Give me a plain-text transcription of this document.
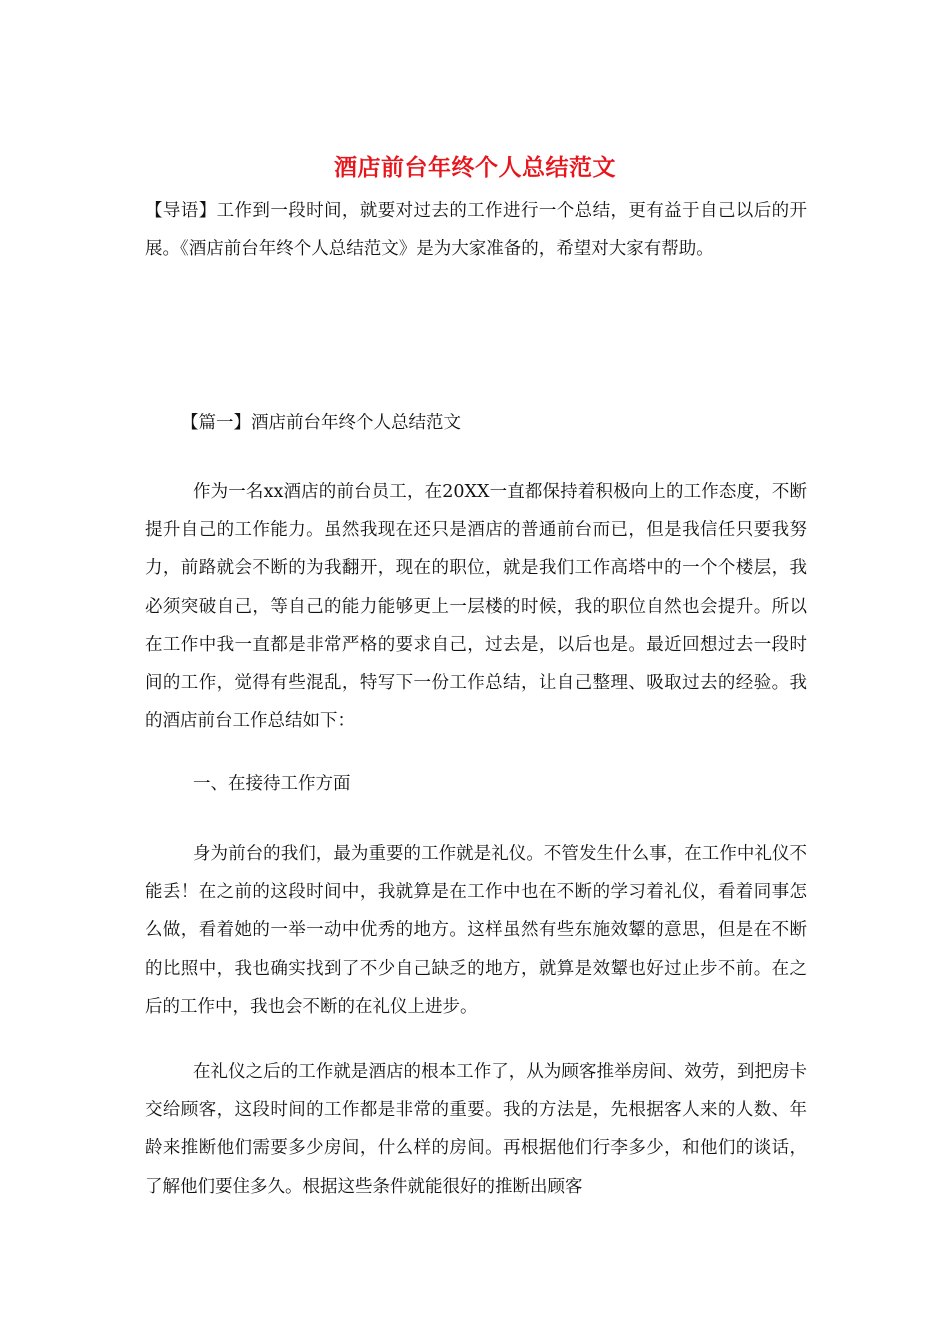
酒店前台年终个人总结范文

【导语】工作到一段时间，就要对过去的工作进行一个总结，更有益于自己以后的开展。《酒店前台年终个人总结范文》是为大家准备的，希望对大家有帮助。

【篇一】酒店前台年终个人总结范文

作为一名xx酒店的前台员工，在20XX一直都保持着积极向上的工作态度，不断提升自己的工作能力。虽然我现在还只是酒店的普通前台而已，但是我信任只要我努力，前路就会不断的为我翻开，现在的职位，就是我们工作高塔中的一个个楼层，我必须突破自己，等自己的能力能够更上一层楼的时候，我的职位自然也会提升。所以在工作中我一直都是非常严格的要求自己，过去是，以后也是。最近回想过去一段时间的工作，觉得有些混乱，特写下一份工作总结，让自己整理、吸取过去的经验。我的酒店前台工作总结如下：

一、在接待工作方面

身为前台的我们，最为重要的工作就是礼仪。不管发生什么事，在工作中礼仪不能丢！在之前的这段时间中，我就算是在工作中也在不断的学习着礼仪，看着同事怎么做，看着她的一举一动中优秀的地方。这样虽然有些东施效颦的意思，但是在不断的比照中，我也确实找到了不少自己缺乏的地方，就算是效颦也好过止步不前。在之后的工作中，我也会不断的在礼仪上进步。

在礼仪之后的工作就是酒店的根本工作了，从为顾客推举房间、效劳，到把房卡交给顾客，这段时间的工作都是非常的重要。我的方法是，先根据客人来的人数、年龄来推断他们需要多少房间，什么样的房间。再根据他们行李多少，和他们的谈话，了解他们要住多久。根据这些条件就能很好的推断出顾客
